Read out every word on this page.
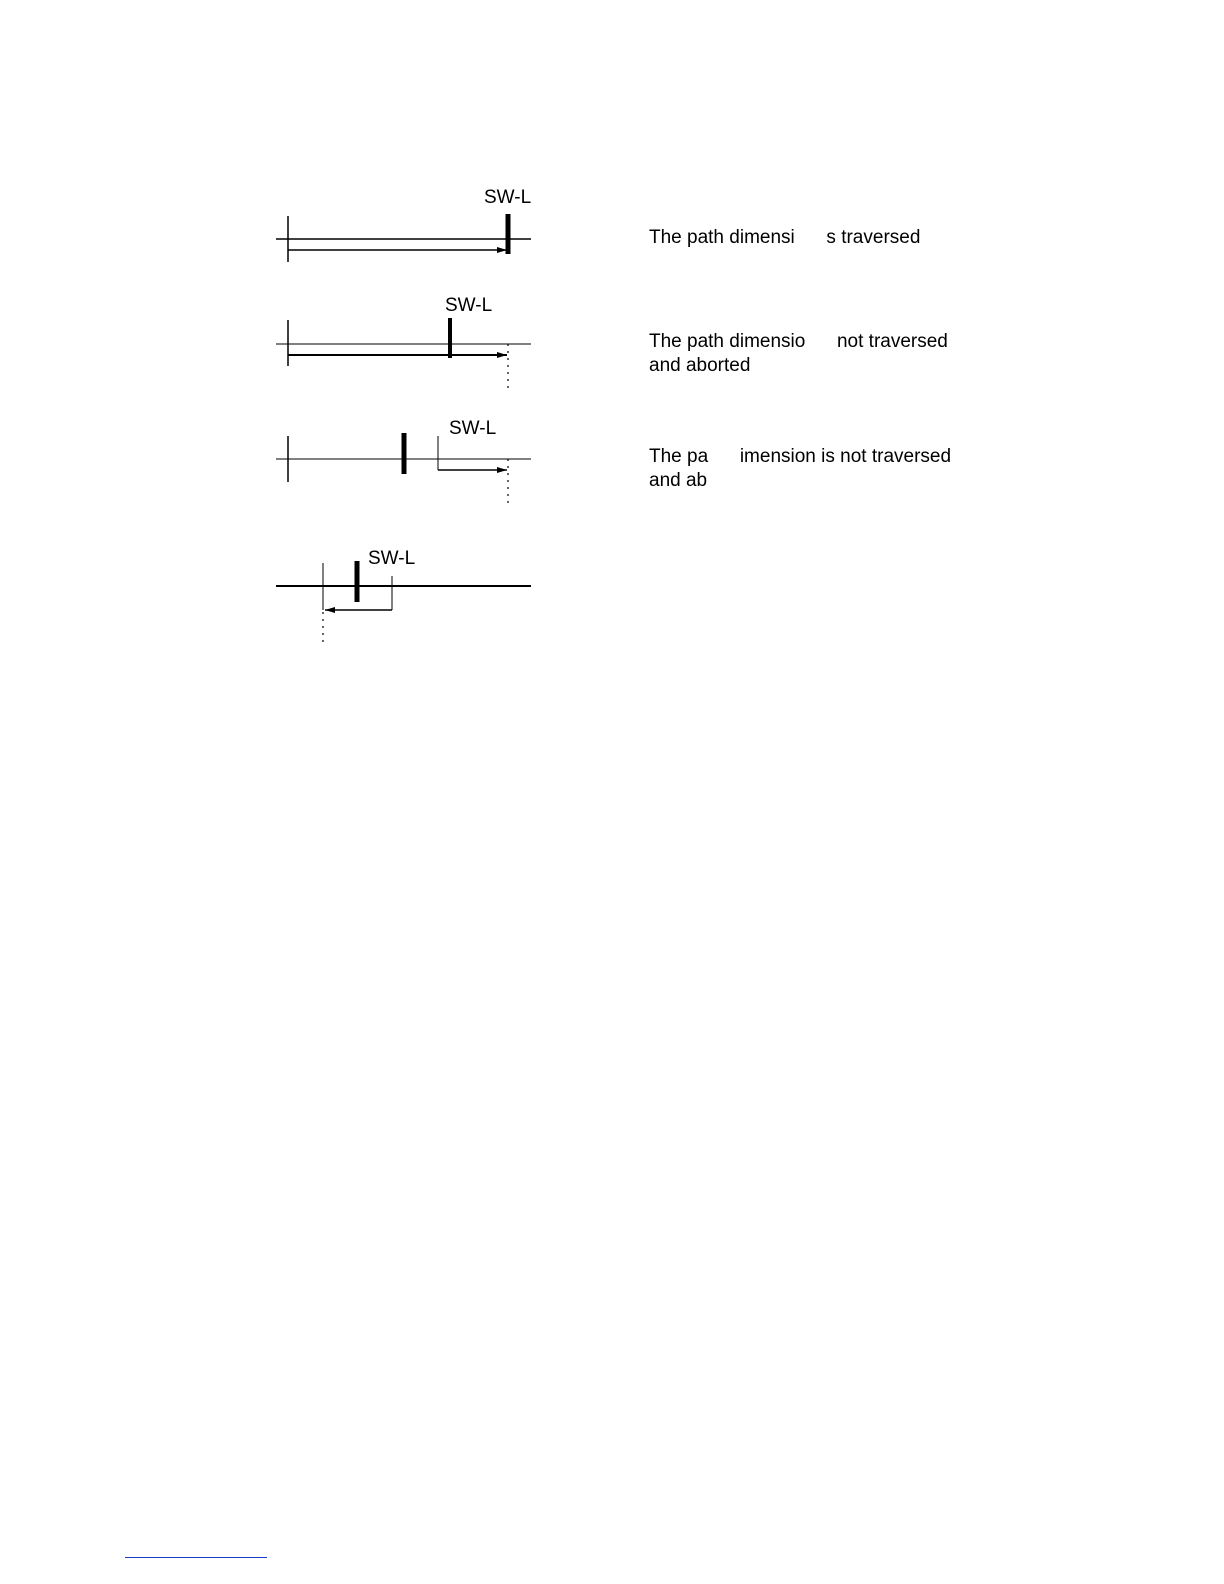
SW-L
SW-L
SW-L
SW-L
The path dimensi      s traversed
The path dimensio      not traversed
and aborted
The pa      imension is not traversed
and ab
